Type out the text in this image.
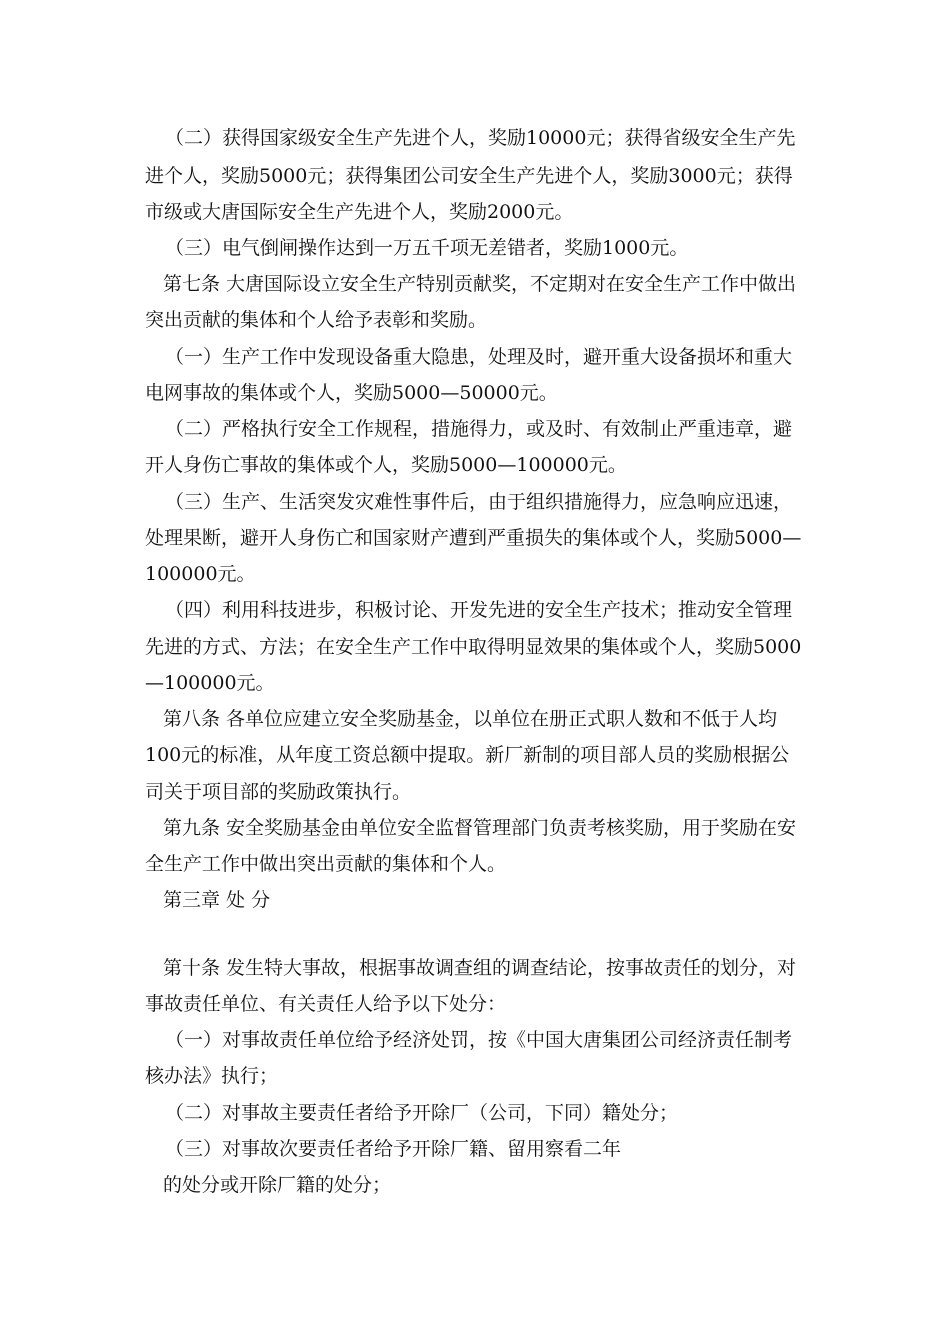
（二）获得国家级安全生产先进个人，奖励10000元；获得省级安全生产先
进个人，奖励5000元；获得集团公司安全生产先进个人，奖励3000元；获得
市级或大唐国际安全生产先进个人，奖励2000元。
（三）电气倒闸操作达到一万五千项无差错者，奖励1000元。
第七条 大唐国际设立安全生产特别贡献奖，不定期对在安全生产工作中做出
突出贡献的集体和个人给予表彰和奖励。
（一）生产工作中发现设备重大隐患，处理及时，避开重大设备损坏和重大
电网事故的集体或个人，奖励5000—50000元。
（二）严格执行安全工作规程，措施得力，或及时、有效制止严重违章，避
开人身伤亡事故的集体或个人，奖励5000—100000元。
（三）生产、生活突发灾难性事件后，由于组织措施得力，应急响应迅速，
处理果断，避开人身伤亡和国家财产遭到严重损失的集体或个人，奖励5000—
100000元。
（四）利用科技进步，积极讨论、开发先进的安全生产技术；推动安全管理
先进的方式、方法；在安全生产工作中取得明显效果的集体或个人，奖励5000
—100000元。
第八条 各单位应建立安全奖励基金，以单位在册正式职人数和不低于人均
100元的标准，从年度工资总额中提取。新厂新制的项目部人员的奖励根据公
司关于项目部的奖励政策执行。
第九条 安全奖励基金由单位安全监督管理部门负责考核奖励，用于奖励在安
全生产工作中做出突出贡献的集体和个人。
第三章 处 分
第十条 发生特大事故，根据事故调查组的调查结论，按事故责任的划分，对
事故责任单位、有关责任人给予以下处分：
（一）对事故责任单位给予经济处罚，按《中国大唐集团公司经济责任制考
核办法》执行；
（二）对事故主要责任者给予开除厂（公司，下同）籍处分；
（三）对事故次要责任者给予开除厂籍、留用察看二年
的处分或开除厂籍的处分；
